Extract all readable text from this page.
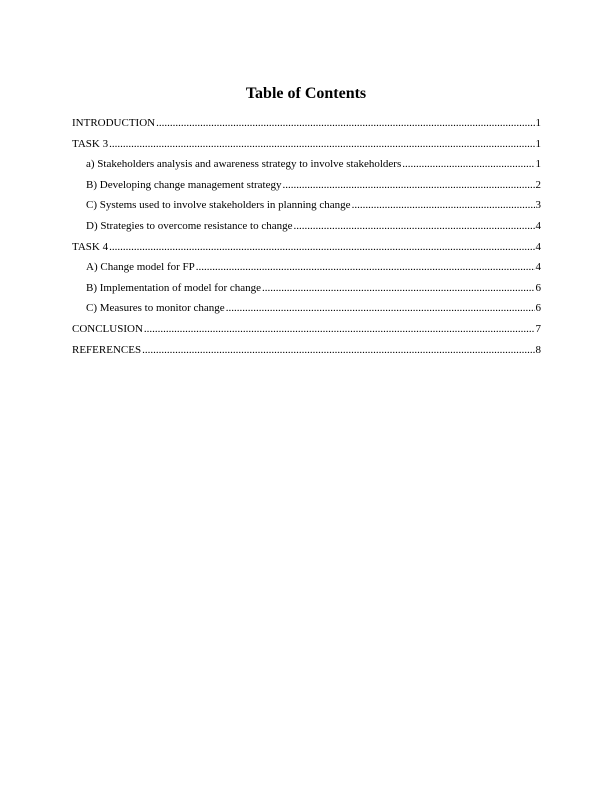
Table of Contents
INTRODUCTION .....	1
TASK 3 .....	1
a) Stakeholders analysis and awareness strategy to involve stakeholders .....	1
B) Developing change management strategy .....	2
C) Systems used to involve stakeholders in planning change .....	3
D) Strategies to overcome resistance to change .....	4
TASK 4 .....	4
A) Change model for FP .....	4
B) Implementation of model for change .....	6
C) Measures to monitor change .....	6
CONCLUSION .....	7
REFERENCES .....	8
